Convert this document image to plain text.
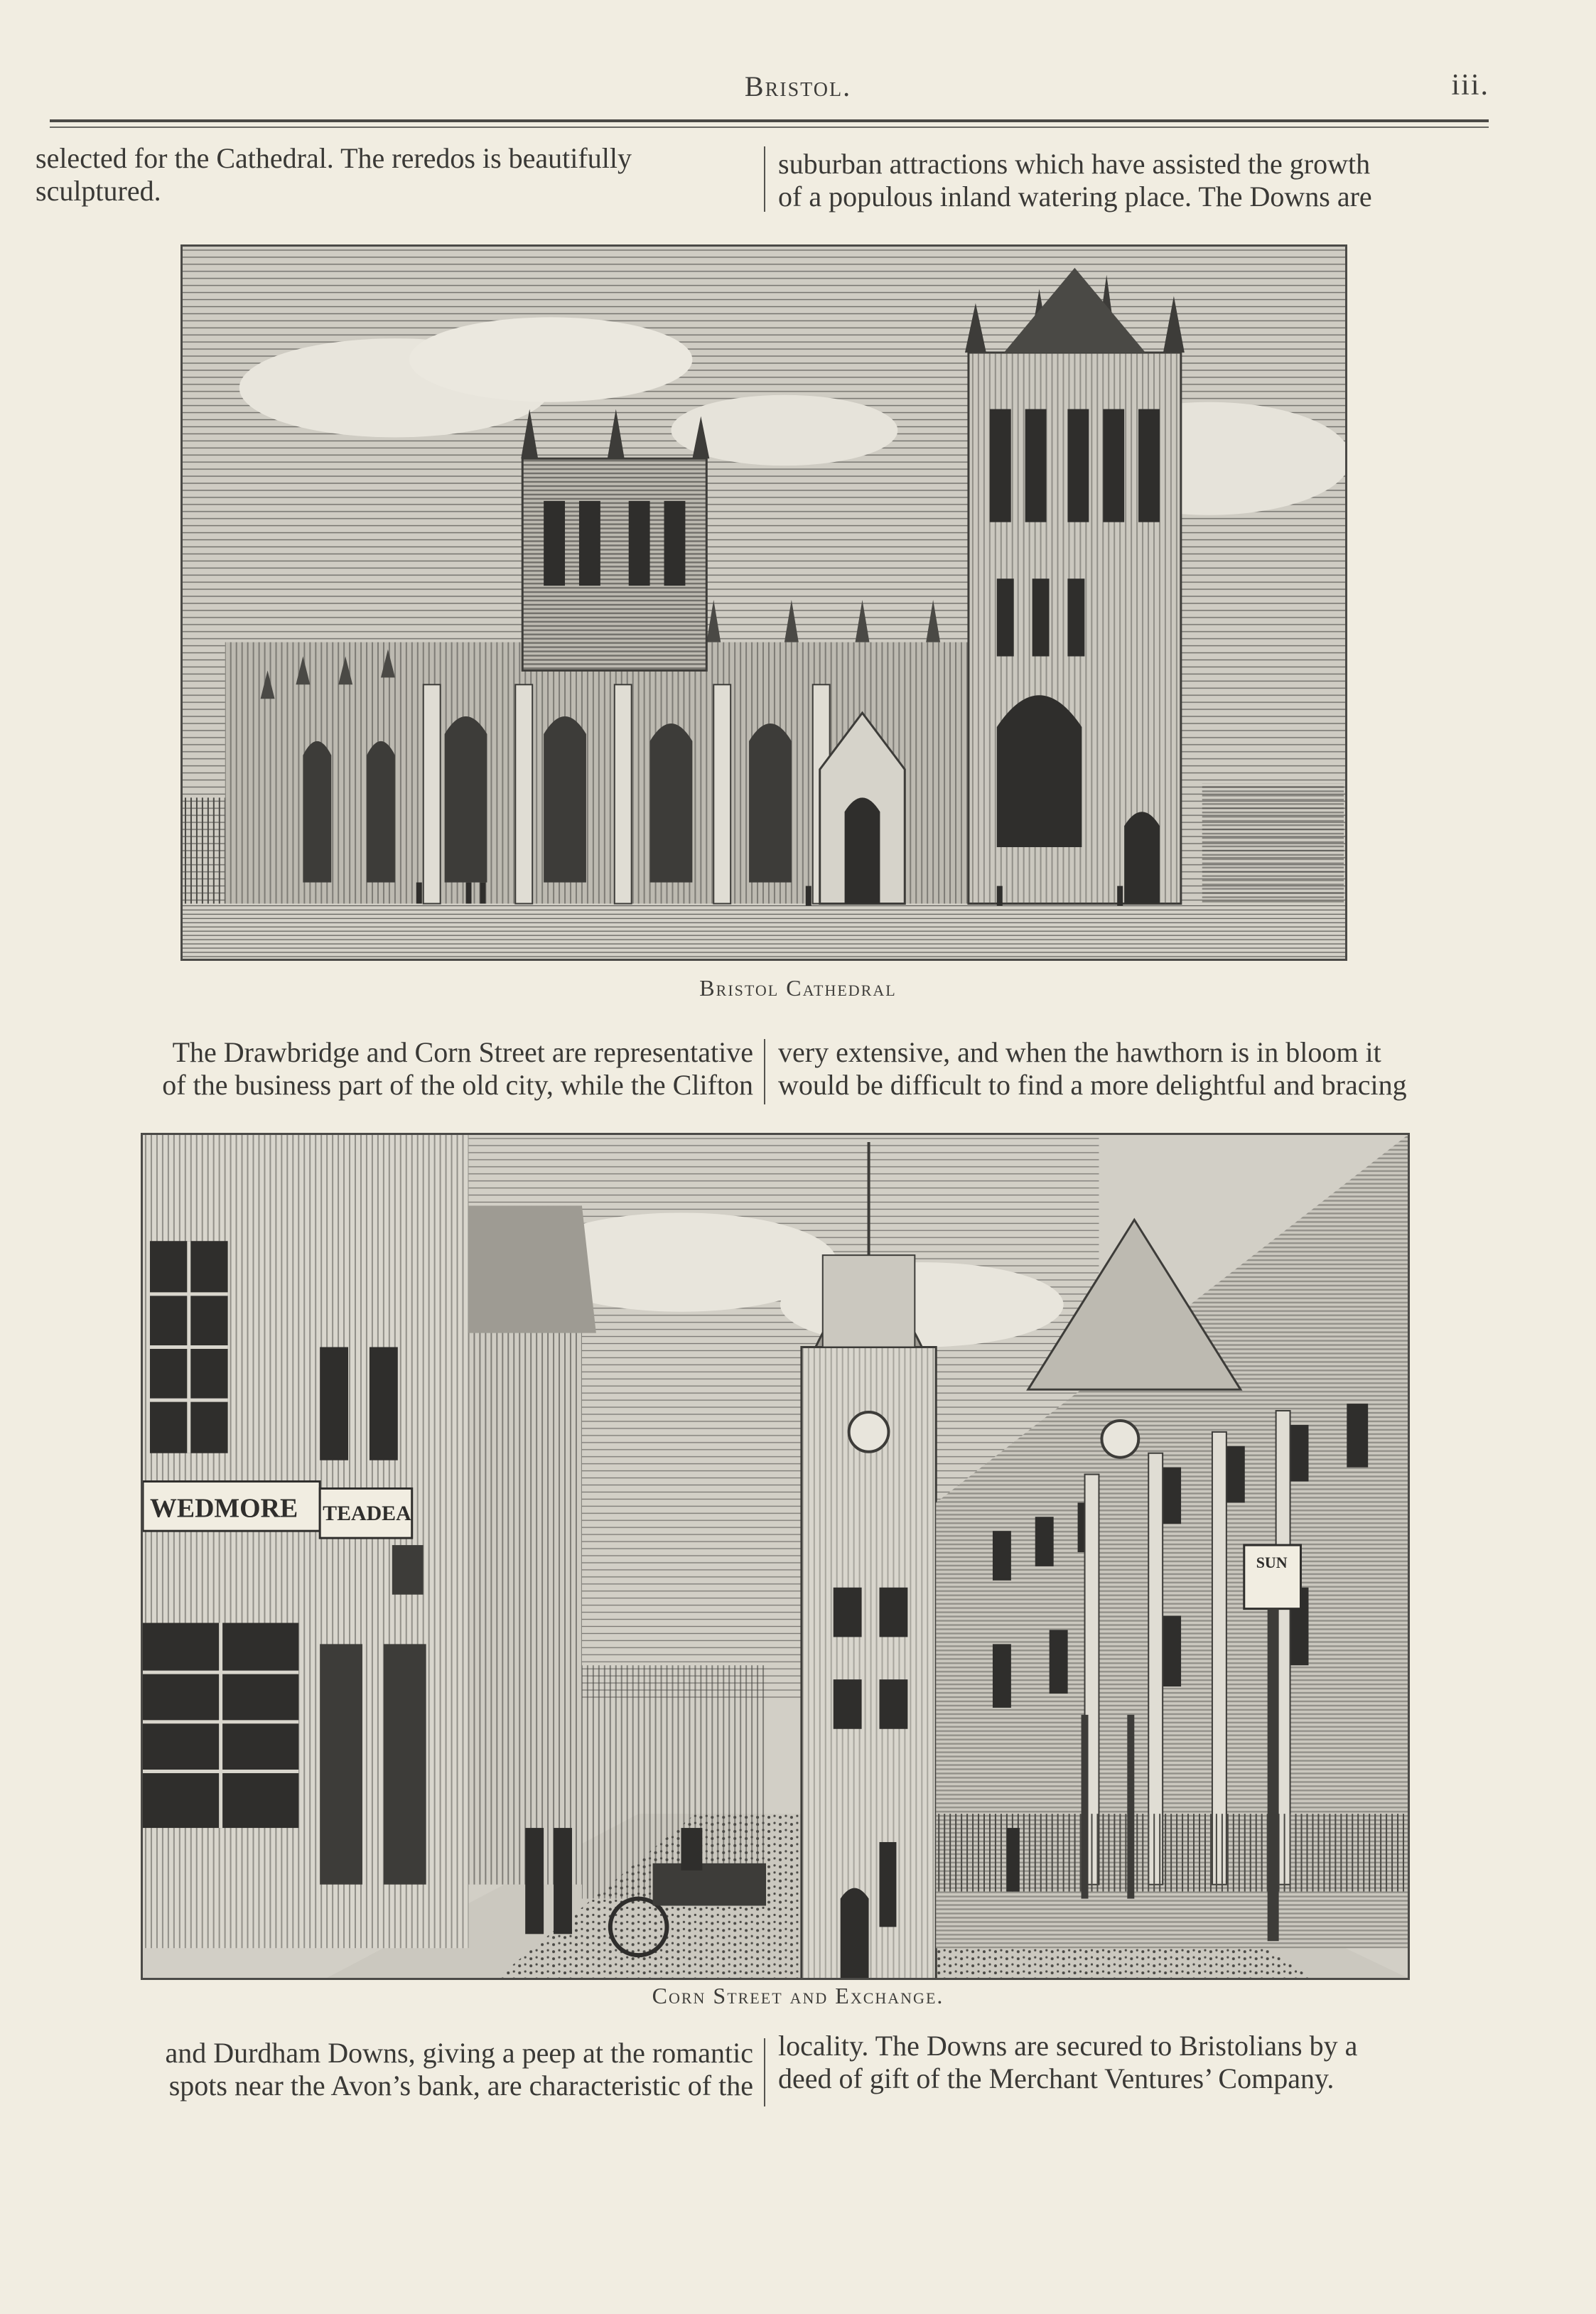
Bristol.	iii.
selected for the Cathedral. The reredos is beautifully
sculptured.
suburban attractions which have assisted the growth
of a populous inland watering place. The Downs are
Bristol Cathedral
The Drawbridge and Corn Street are representative
of the business part of the old city, while the Clifton
very extensive, and when the hawthorn is in bloom it
would be difficult to find a more delightful and bracing
WEDMORE TEADEA
SUN
Corn Street and Exchange.
and Durdham Downs, giving a peep at the romantic
spots near the Avon’s bank, are characteristic of the
locality. The Downs are secured to Bristolians by a
deed of gift of the Merchant Ventures’ Company.
